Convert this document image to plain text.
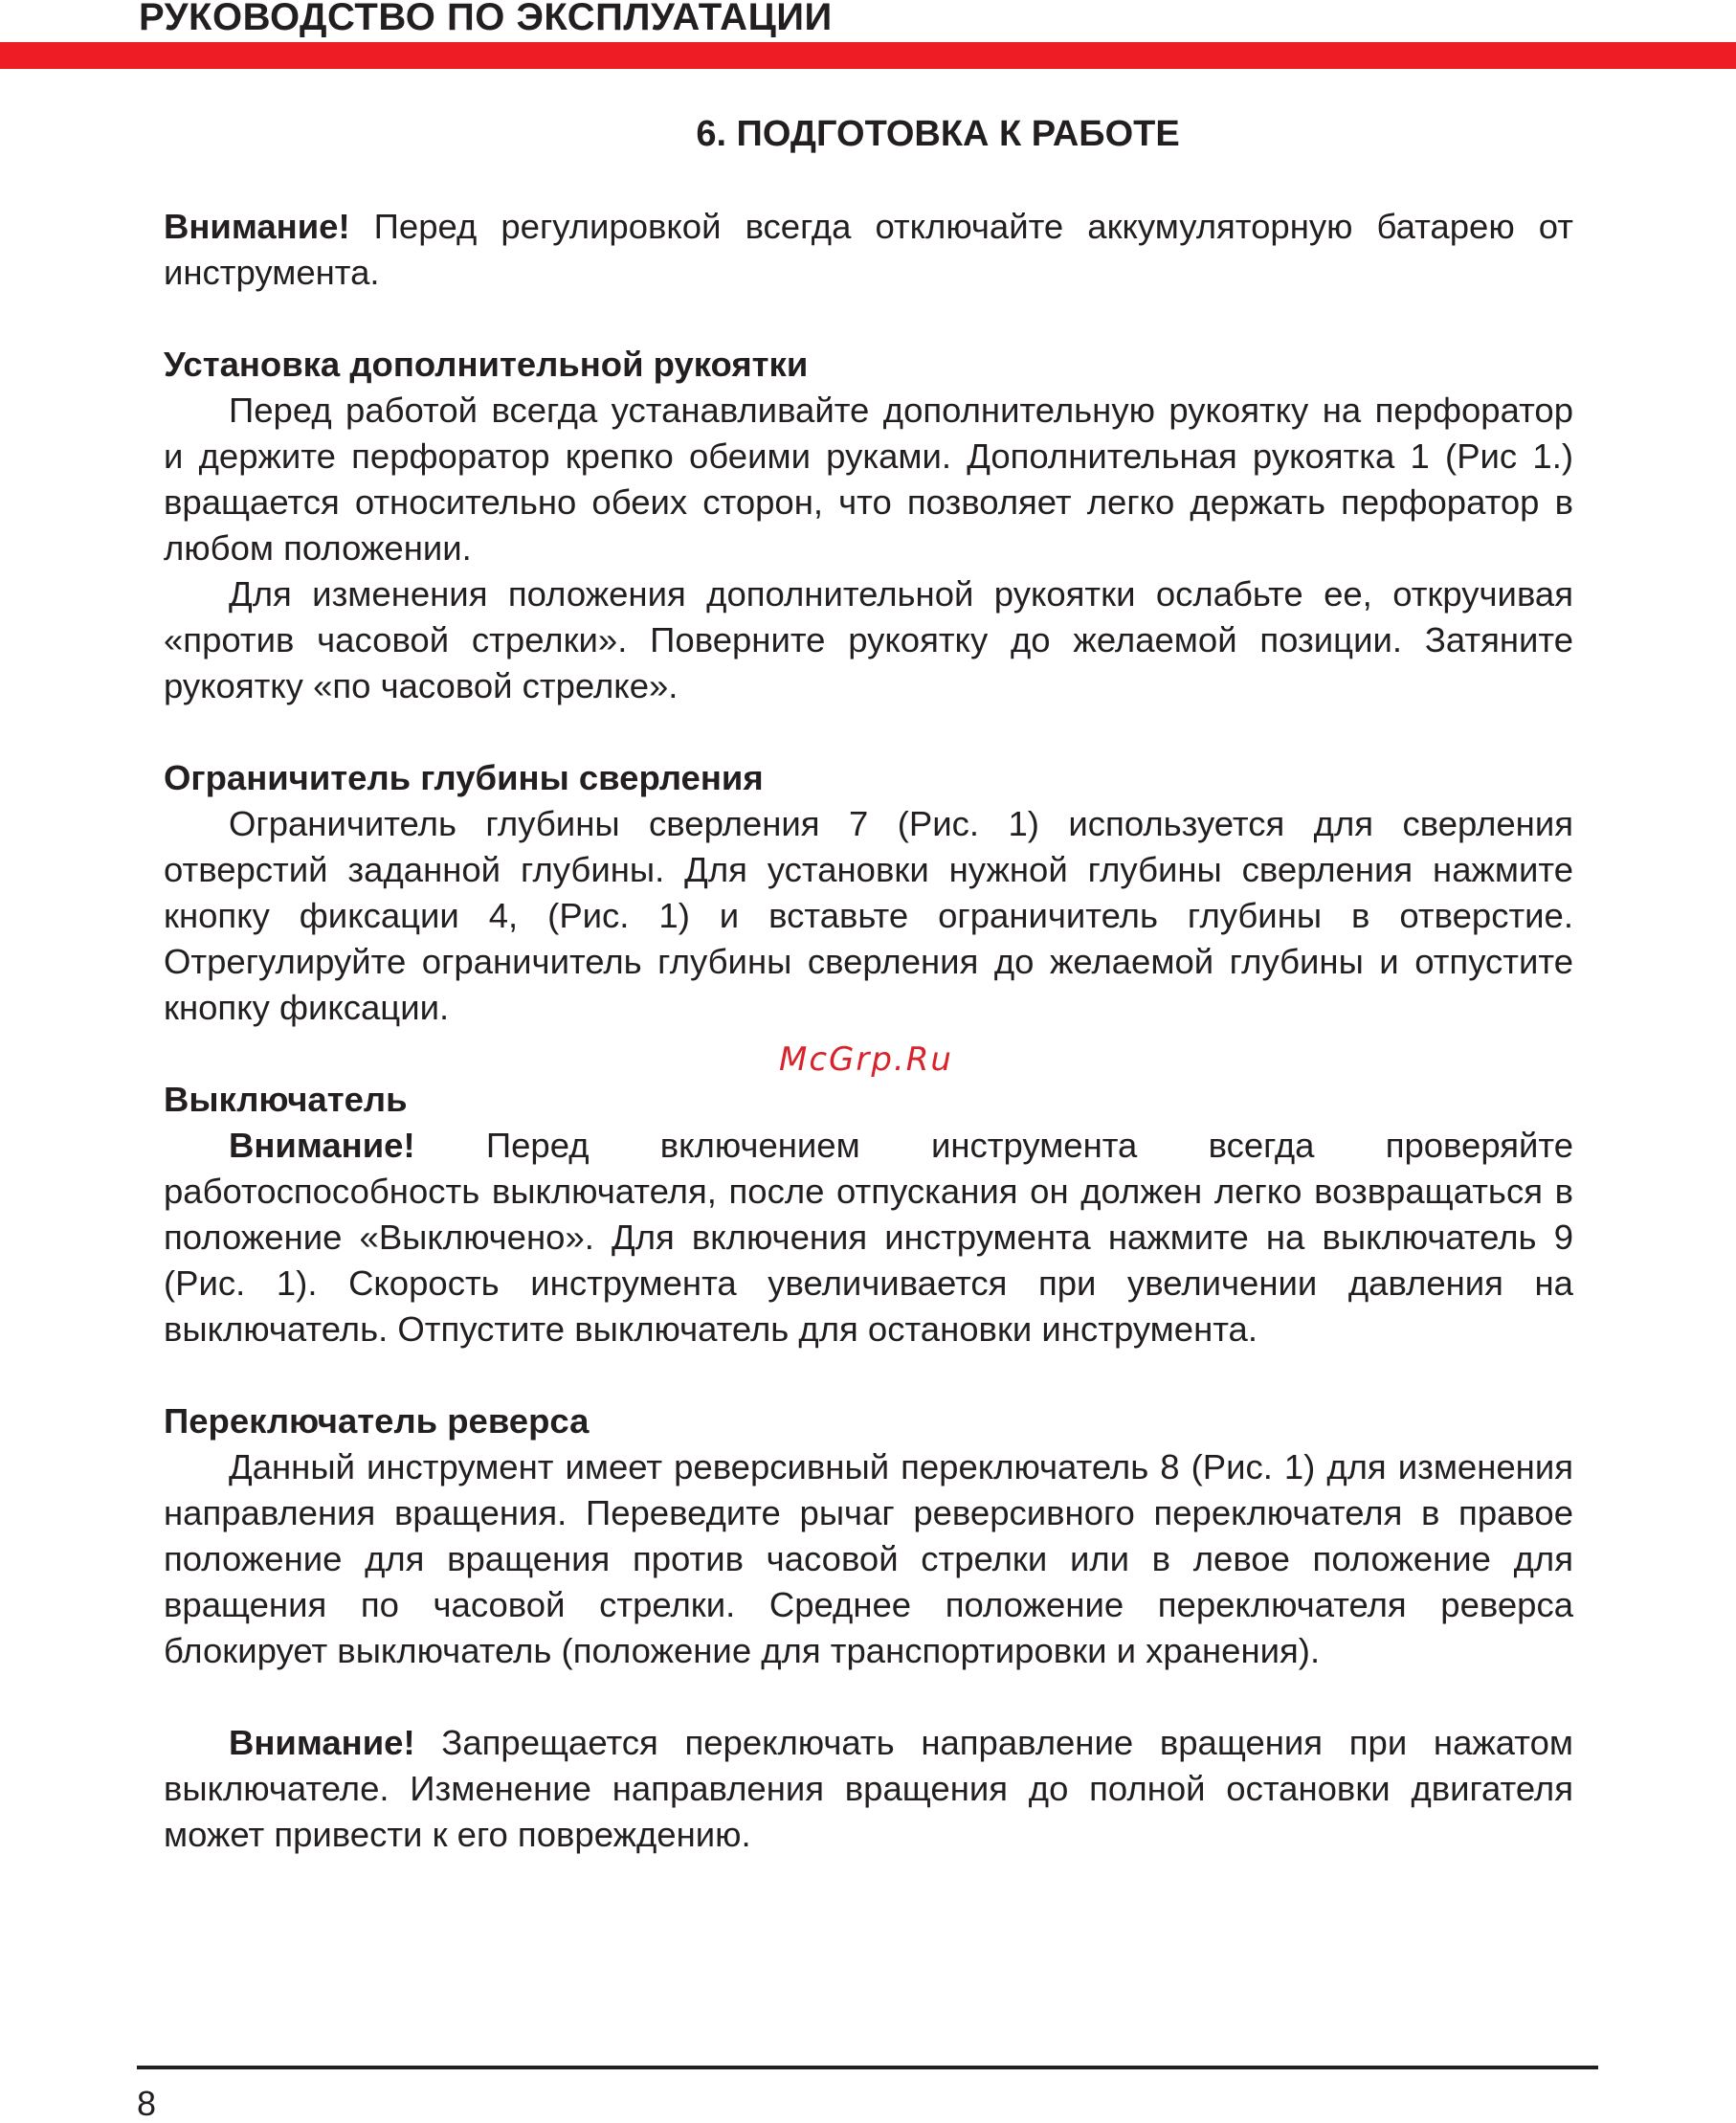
РУКОВОДСТВО ПО ЭКСПЛУАТАЦИИ
6. ПОДГОТОВКА К РАБОТЕ

Внимание! Перед регулировкой всегда отключайте аккумуляторную батарею от инструмента.

Установка дополнительной рукоятки

Перед работой всегда устанавливайте дополнительную рукоятку на перфоратор и держите перфоратор крепко обеими руками. Дополнительная рукоятка 1 (Рис 1.) вращается относительно обеих сторон, что позволяет легко держать перфоратор в любом положении.

Для изменения положения дополнительной рукоятки ослабьте ее, откручивая «против часовой стрелки». Поверните рукоятку до желаемой позиции. Затяните рукоятку «по часовой стрелке».

Ограничитель глубины сверления

Ограничитель глубины сверления 7 (Рис. 1) используется для сверления отверстий заданной глубины. Для установки нужной глубины сверления нажмите кнопку фиксации 4, (Рис. 1) и вставьте ограничитель глубины в отверстие. Отрегулируйте ограничитель глубины сверления до желаемой глубины и отпустите кнопку фиксации.

Выключатель

Внимание! Перед включением инструмента всегда проверяйте работоспособность выключателя, после отпускания он должен легко возвращаться в положение «Выключено». Для включения инструмента нажмите на выключатель 9 (Рис. 1). Скорость инструмента увеличивается при увеличении давления на выключатель. Отпустите выключатель для остановки инструмента.

Переключатель реверса

Данный инструмент имеет реверсивный переключатель 8 (Рис. 1) для изменения направления вращения. Переведите рычаг реверсивного переключателя в правое положение для вращения против часовой стрелки или в левое положение для вращения по часовой стрелки. Среднее положение переключателя реверса блокирует выключатель (положение для транспортировки и хранения).

Внимание! Запрещается переключать направление вращения при нажатом выключателе. Изменение направления вращения до полной остановки двигателя может привести к его повреждению.

McGrp.Ru

8
